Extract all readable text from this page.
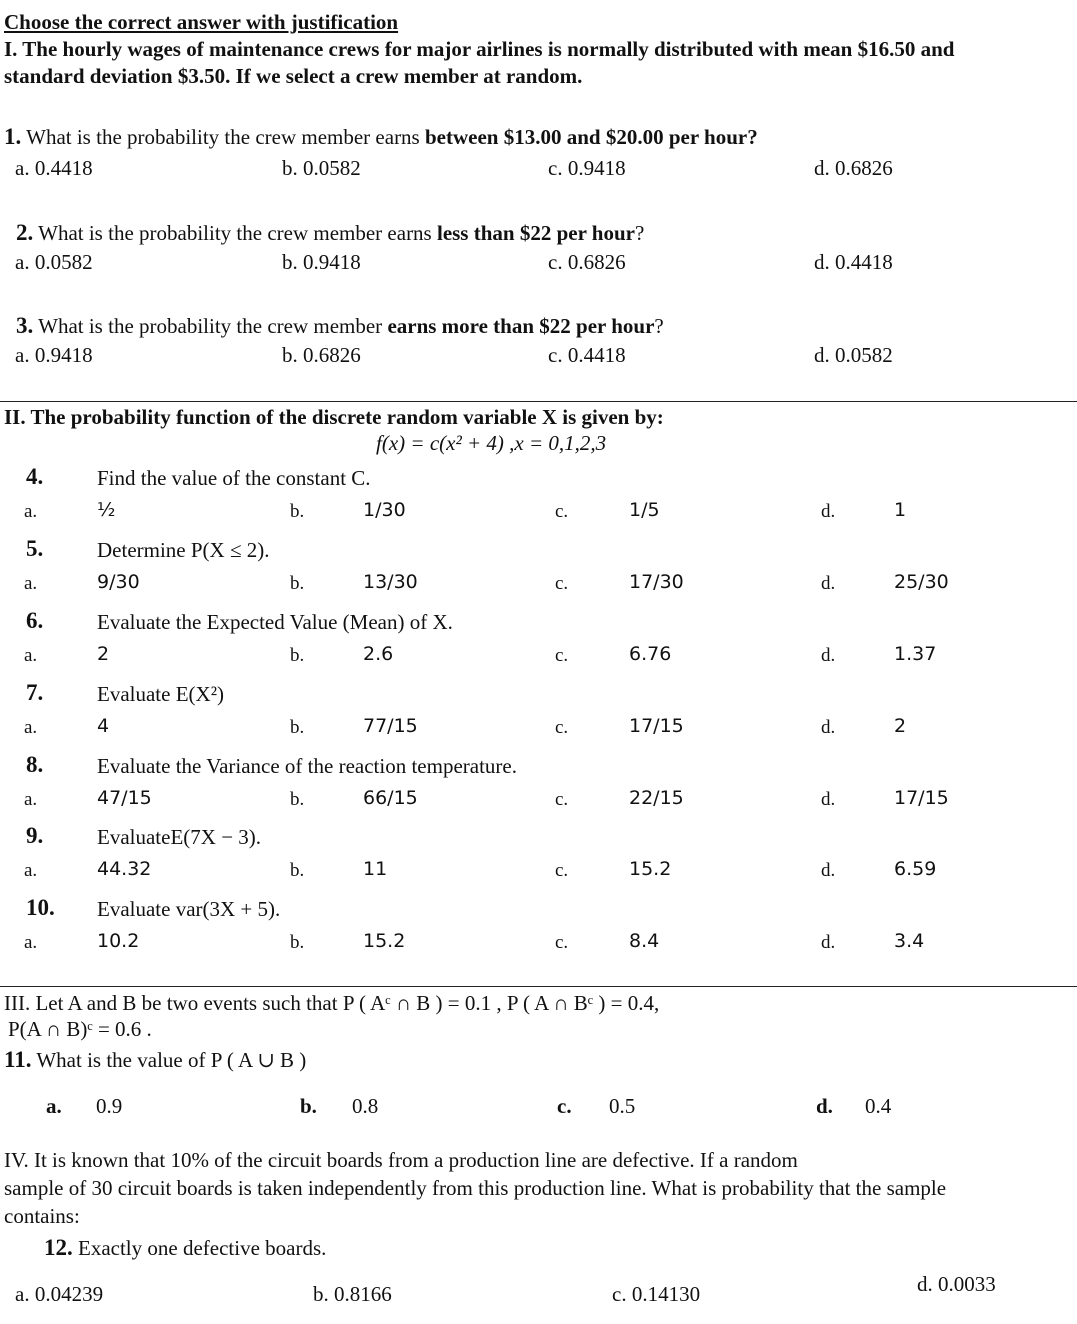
Choose the correct answer with justification
I. The hourly wages of maintenance crews for major airlines is normally distributed with mean $16.50 and
standard deviation $3.50. If we select a crew member at random.
1. What is the probability the crew member earns between $13.00 and $20.00 per hour?
a. 0.4418	b. 0.0582	c. 0.9418	d. 0.6826
2. What is the probability the crew member earns less than $22 per hour?
a. 0.0582	b. 0.9418	c. 0.6826	d. 0.4418
3. What is the probability the crew member earns more than $22 per hour?
a. 0.9418	b. 0.6826	c. 0.4418	d. 0.0582
II. The probability function of the discrete random variable X is given by:
f(x) = c(x² + 4) ,x = 0,1,2,3
4.	Find the value of the constant C.
a.	½	b.	1/30	c.	1/5	d.	1
5.	Determine P(X ≤ 2).
a.	9/30	b.	13/30	c.	17/30	d.	25/30
6.	Evaluate the Expected Value (Mean) of X.
a.	2	b.	2.6	c.	6.76	d.	1.37
7.	Evaluate E(X²)
a.	4	b.	77/15	c.	17/15	d.	2
8.	Evaluate the Variance of the reaction temperature.
a.	47/15	b.	66/15	c.	22/15	d.	17/15
9.	EvaluateE(7X − 3).
a.	44.32	b.	11	c.	15.2	d.	6.59
10. Evaluate var(3X + 5).
a.	10.2	b.	15.2	c.	8.4	d.	3.4
III. Let A and B be two events such that P ( Aᶜ ∩ B ) = 0.1 , P ( A ∩ Bᶜ ) = 0.4,
P(A ∩ B)ᶜ = 0.6 .
11. What is the value of P ( A ∪ B )
a. 0.9	b. 0.8	c. 0.5	d. 0.4
IV. It is known that 10% of the circuit boards from a production line are defective. If a random
sample of 30 circuit boards is taken independently from this production line. What is probability that the sample
contains:
12. Exactly one defective boards.
a. 0.04239	b. 0.8166	c. 0.14130	d. 0.0033
